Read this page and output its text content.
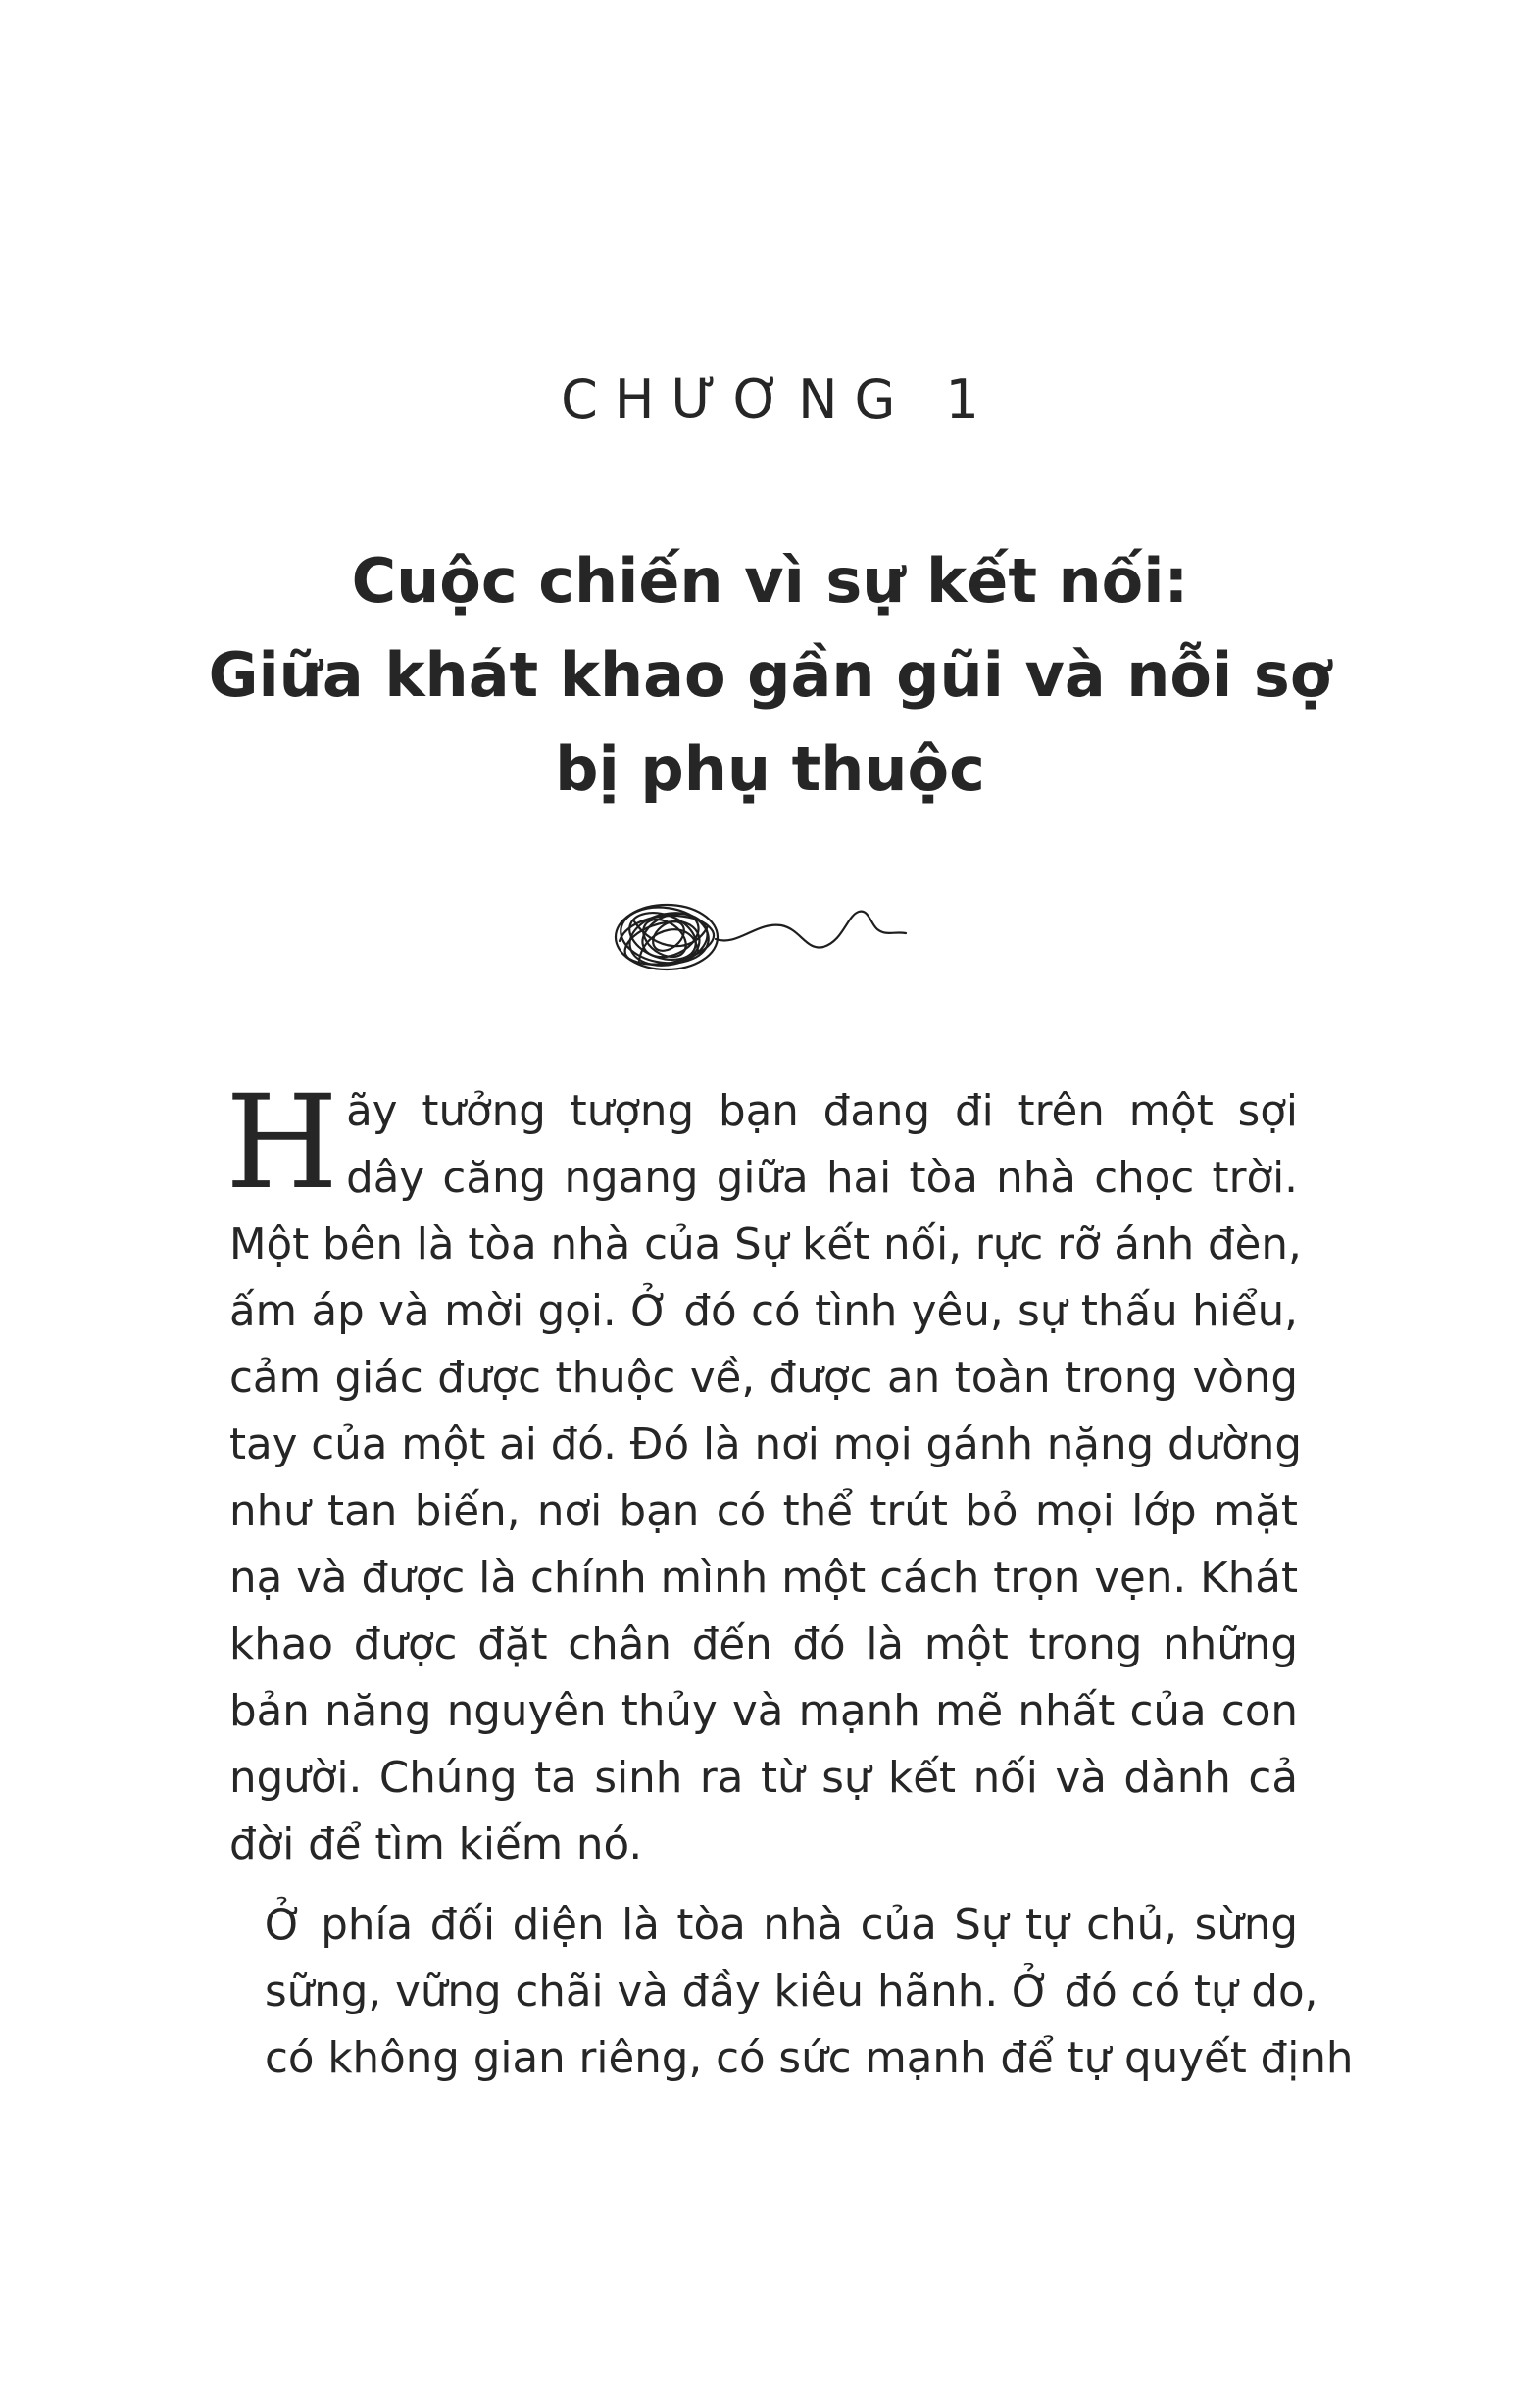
CHƯƠNG 1
Cuộc chiến vì sự kết nối:
Giữa khát khao gần gũi và nỗi sợ
bị phụ thuộc

H ãy tưởng tượng bạn đang đi trên một sợi
dây căng ngang giữa hai tòa nhà chọc trời.
Một bên là tòa nhà của Sự kết nối, rực rỡ ánh đèn,
ấm áp và mời gọi. Ở đó có tình yêu, sự thấu hiểu,
cảm giác được thuộc về, được an toàn trong vòng
tay của một ai đó. Đó là nơi mọi gánh nặng dường
như tan biến, nơi bạn có thể trút bỏ mọi lớp mặt
nạ và được là chính mình một cách trọn vẹn. Khát
khao được đặt chân đến đó là một trong những
bản năng nguyên thủy và mạnh mẽ nhất của con
người. Chúng ta sinh ra từ sự kết nối và dành cả
đời để tìm kiếm nó.

Ở phía đối diện là tòa nhà của Sự tự chủ, sừng
sững, vững chãi và đầy kiêu hãnh. Ở đó có tự do,
có không gian riêng, có sức mạnh để tự quyết định
